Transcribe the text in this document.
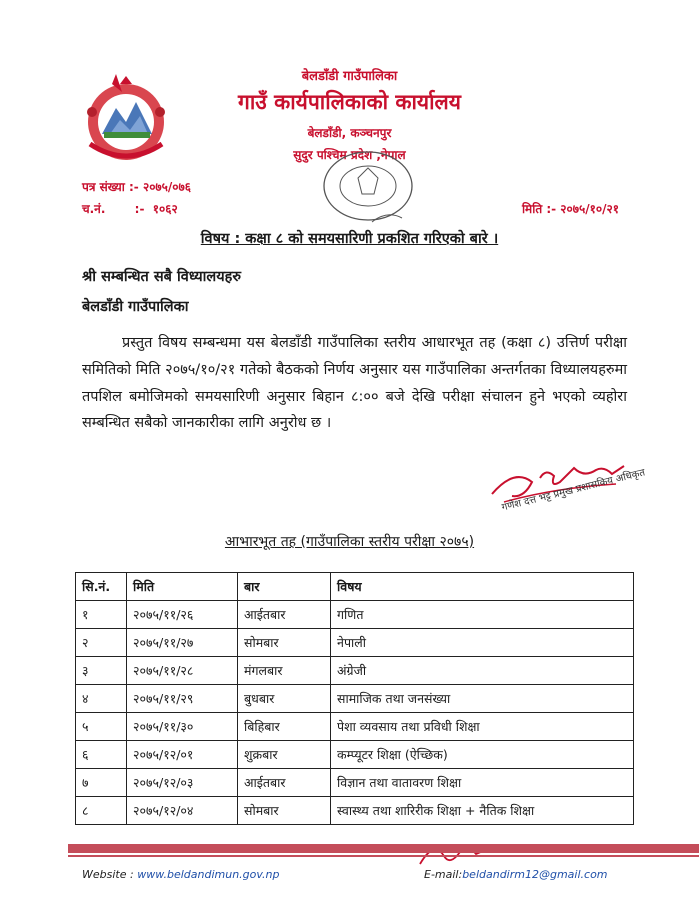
बेलडाँडी गाउँपालिका
गाउँ कार्यपालिकाको कार्यालय
बेलडाँडी, कञ्चनपुर
सुदुर पश्चिम प्रदेश ,नेपाल
पत्र संख्या :- २०७५/०७६
च.नं.       :-  १०६२	मिति :- २०७५/१०/२१
विषय : कक्षा ८ को समयसारिणी प्रकशित गरिएको बारे ।
श्री सम्बन्धित सबै विध्यालयहरु
बेलडाँडी गाउँपालिका
प्रस्तुत विषय सम्बन्धमा यस बेलडाँडी गाउँपालिका स्तरीय आधारभूत तह (कक्षा ८) उत्तिर्ण परीक्षा समितिको मिति २०७५/१०/२१ गतेको बैठकको निर्णय अनुसार यस गाउँपालिका अन्तर्गतका विध्यालयहरुमा तपशिल बमोजिमको समयसारिणी अनुसार बिहान ८:०० बजे देखि परीक्षा संचालन हुने भएको व्यहोरा सम्बन्धित सबैको जानकारीका लागि अनुरोध छ ।
गणेश दत्त भट्ट प्रमुख प्रशासकिय अधिकृत
आभारभूत तह (गाउँपालिका स्तरीय परीक्षा २०७५)
सि.नं.	मिति	बार	विषय
१	२०७५/११/२६	आईतबार	गणित
२	२०७५/११/२७	सोमबार	नेपाली
३	२०७५/११/२८	मंगलबार	अंग्रेजी
४	२०७५/११/२९	बुधबार	सामाजिक तथा जनसंख्या
५	२०७५/११/३०	बिहिबार	पेशा व्यवसाय तथा प्रविधी शिक्षा
६	२०७५/१२/०१	शुक्रबार	कम्प्यूटर शिक्षा (ऐच्छिक)
७	२०७५/१२/०३	आईतबार	विज्ञान तथा वातावरण शिक्षा
८	२०७५/१२/०४	सोमबार	स्वास्थ्य तथा शारिरीक शिक्षा + नैतिक शिक्षा
Website : www.beldandimun.gov.np	E-mail:beldandirm12@gmail.com
